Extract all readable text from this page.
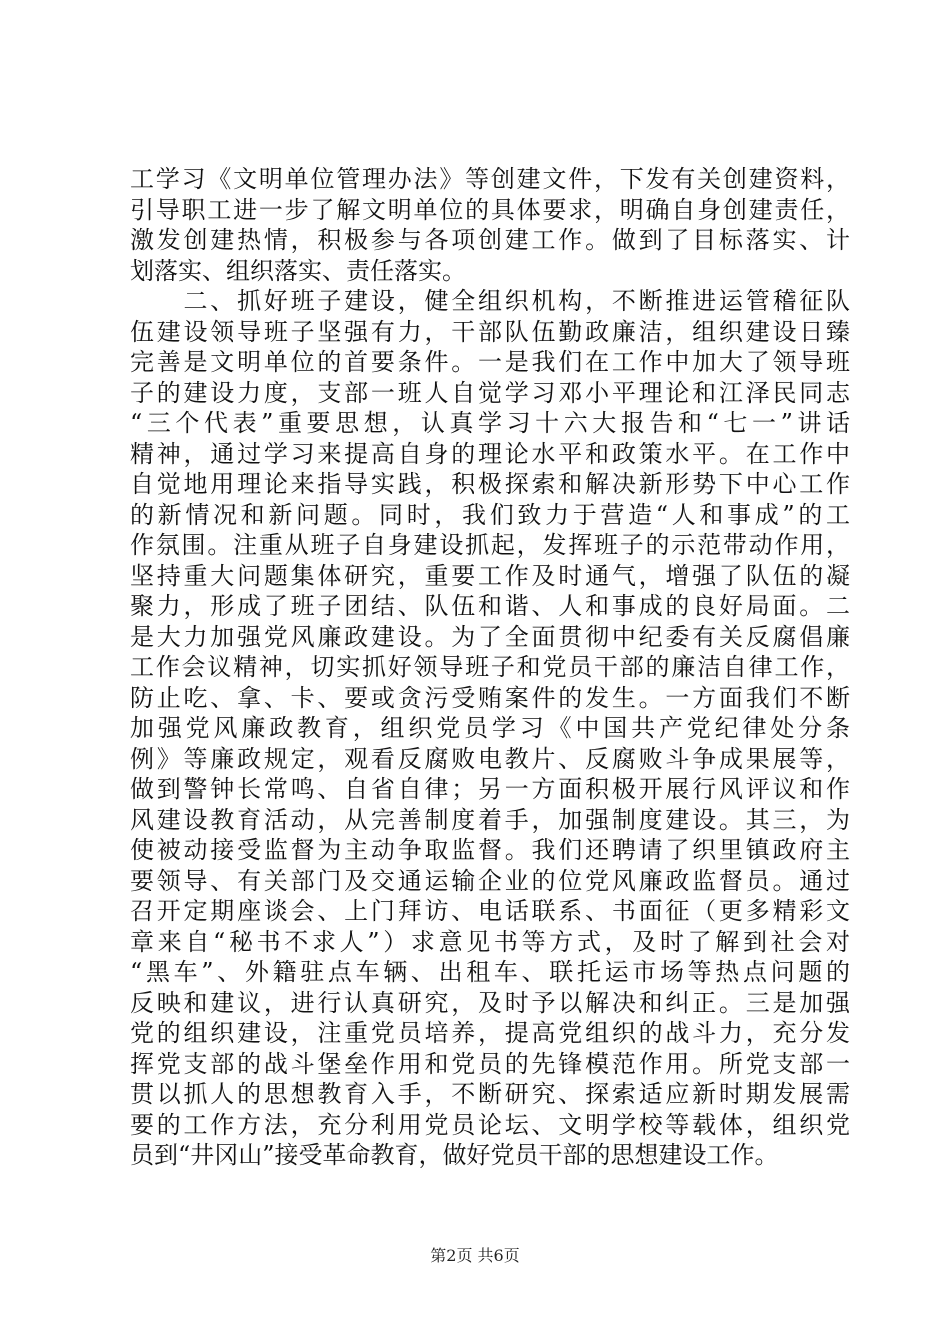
工学习《文明单位管理办法》等创建文件，下发有关创建资料，
引导职工进一步了解文明单位的具体要求，明确自身创建责任，
激发创建热情，积极参与各项创建工作。做到了目标落实、计
划落实、组织落实、责任落实。
　　二、抓好班子建设，健全组织机构，不断推进运管稽征队
伍建设领导班子坚强有力，干部队伍勤政廉洁，组织建设日臻
完善是文明单位的首要条件。一是我们在工作中加大了领导班
子的建设力度，支部一班人自觉学习邓小平理论和江泽民同志
“三个代表”重要思想，认真学习十六大报告和“七一”讲话
精神，通过学习来提高自身的理论水平和政策水平。在工作中
自觉地用理论来指导实践，积极探索和解决新形势下中心工作
的新情况和新问题。同时，我们致力于营造“人和事成”的工
作氛围。注重从班子自身建设抓起，发挥班子的示范带动作用，
坚持重大问题集体研究，重要工作及时通气，增强了队伍的凝
聚力，形成了班子团结、队伍和谐、人和事成的良好局面。二
是大力加强党风廉政建设。为了全面贯彻中纪委有关反腐倡廉
工作会议精神，切实抓好领导班子和党员干部的廉洁自律工作，
防止吃、拿、卡、要或贪污受贿案件的发生。一方面我们不断
加强党风廉政教育，组织党员学习《中国共产党纪律处分条
例》等廉政规定，观看反腐败电教片、反腐败斗争成果展等，
做到警钟长常鸣、自省自律；另一方面积极开展行风评议和作
风建设教育活动，从完善制度着手，加强制度建设。其三，为
使被动接受监督为主动争取监督。我们还聘请了织里镇政府主
要领导、有关部门及交通运输企业的位党风廉政监督员。通过
召开定期座谈会、上门拜访、电话联系、书面征（更多精彩文
章来自“秘书不求人”）求意见书等方式，及时了解到社会对
“黑车”、外籍驻点车辆、出租车、联托运市场等热点问题的
反映和建议，进行认真研究，及时予以解决和纠正。三是加强
党的组织建设，注重党员培养，提高党组织的战斗力，充分发
挥党支部的战斗堡垒作用和党员的先锋模范作用。所党支部一
贯以抓人的思想教育入手，不断研究、探索适应新时期发展需
要的工作方法，充分利用党员论坛、文明学校等载体，组织党
员到“井冈山”接受革命教育，做好党员干部的思想建设工作。
第2页 共6页
